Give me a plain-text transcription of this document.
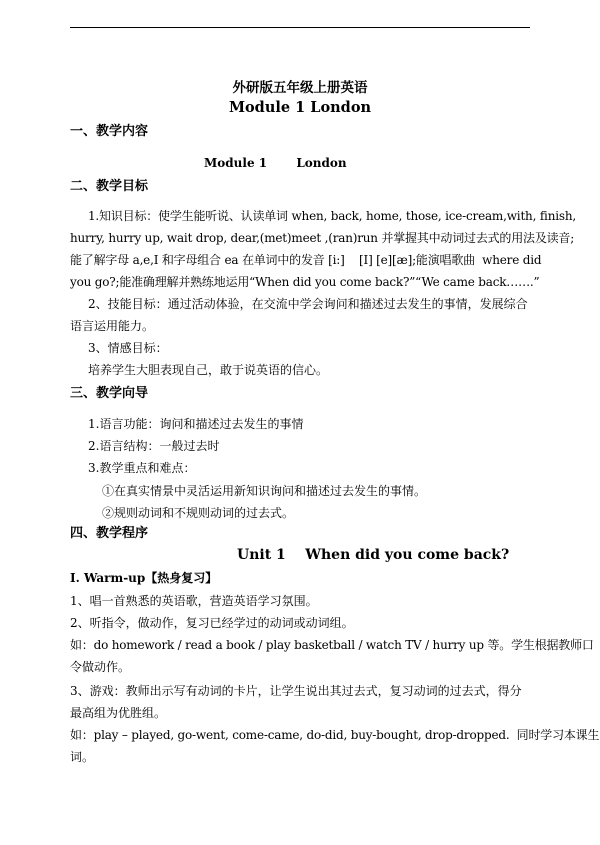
外研版五年级上册英语
Module 1 London
一、教学内容
Module 1       London
二、教学目标
1.知识目标：使学生能听说、认读单词 when, back, home, those, ice-cream,with, finish,
hurry, hurry up, wait drop, dear,(met)meet ,(ran)run 并掌握其中动词过去式的用法及读音;
能了解字母 a,e,I 和字母组合 ea 在单词中的发音 [i:]    [I] [e][æ];能演唱歌曲  where did
you go?;能准确理解并熟练地运用“When did you come back?”“We came back…….”
2、技能目标：通过活动体验，在交流中学会询问和描述过去发生的事情，发展综合
语言运用能力。
3、情感目标：
培养学生大胆表现自己，敢于说英语的信心。
三、教学向导
1.语言功能：询问和描述过去发生的事情
2.语言结构：一般过去时
3.教学重点和难点：
①在真实情景中灵活运用新知识询问和描述过去发生的事情。
②规则动词和不规则动词的过去式。
四、教学程序
Unit 1    When did you come back?
Ⅰ. Warm-up【热身复习】
1、唱一首熟悉的英语歌，营造英语学习氛围。
2、听指令，做动作，复习已经学过的动词或动词组。
如：do homework / read a book / play basketball / watch TV / hurry up 等。学生根据教师口
令做动作。
3、游戏：教师出示写有动词的卡片，让学生说出其过去式，复习动词的过去式，得分
最高组为优胜组。
如：play – played, go-went, come-came, do-did, buy-bought, drop-dropped.  同时学习本课生
词。
